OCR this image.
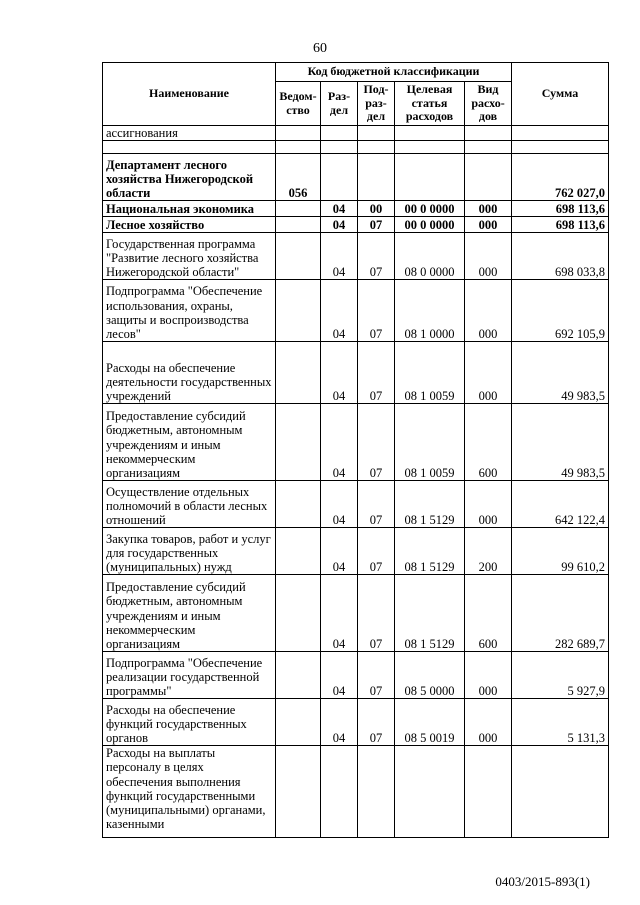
60
Наименование	Код бюджетной классификации					Сумма
	Ведом-ство	Раз-дел	Под-раз-дел	Целевая статья расходов	Вид расхо-дов	
ассигнования						

Департамент лесного хозяйства Нижегородской области	056					762 027,0
Национальная экономика		04	00	00 0 0000	000	698 113,6
Лесное хозяйство		04	07	00 0 0000	000	698 113,6
Государственная программа "Развитие лесного хозяйства Нижегородской области"		04	07	08 0 0000	000	698 033,8
Подпрограмма "Обеспечение использования, охраны, защиты и воспроизводства лесов"		04	07	08 1 0000	000	692 105,9
Расходы на обеспечение деятельности государственных учреждений		04	07	08 1 0059	000	49 983,5
Предоставление субсидий бюджетным, автономным учреждениям и иным некоммерческим организациям		04	07	08 1 0059	600	49 983,5
Осуществление отдельных полномочий в области лесных отношений		04	07	08 1 5129	000	642 122,4
Закупка товаров, работ и услуг для государственных (муниципальных) нужд		04	07	08 1 5129	200	99 610,2
Предоставление субсидий бюджетным, автономным учреждениям и иным некоммерческим организациям		04	07	08 1 5129	600	282 689,7
Подпрограмма "Обеспечение реализации государственной программы"		04	07	08 5 0000	000	5 927,9
Расходы на обеспечение функций государственных органов		04	07	08 5 0019	000	5 131,3
Расходы на выплаты персоналу в целях обеспечения выполнения функций государственными (муниципальными) органами, казенными						
0403/2015-893(1)
